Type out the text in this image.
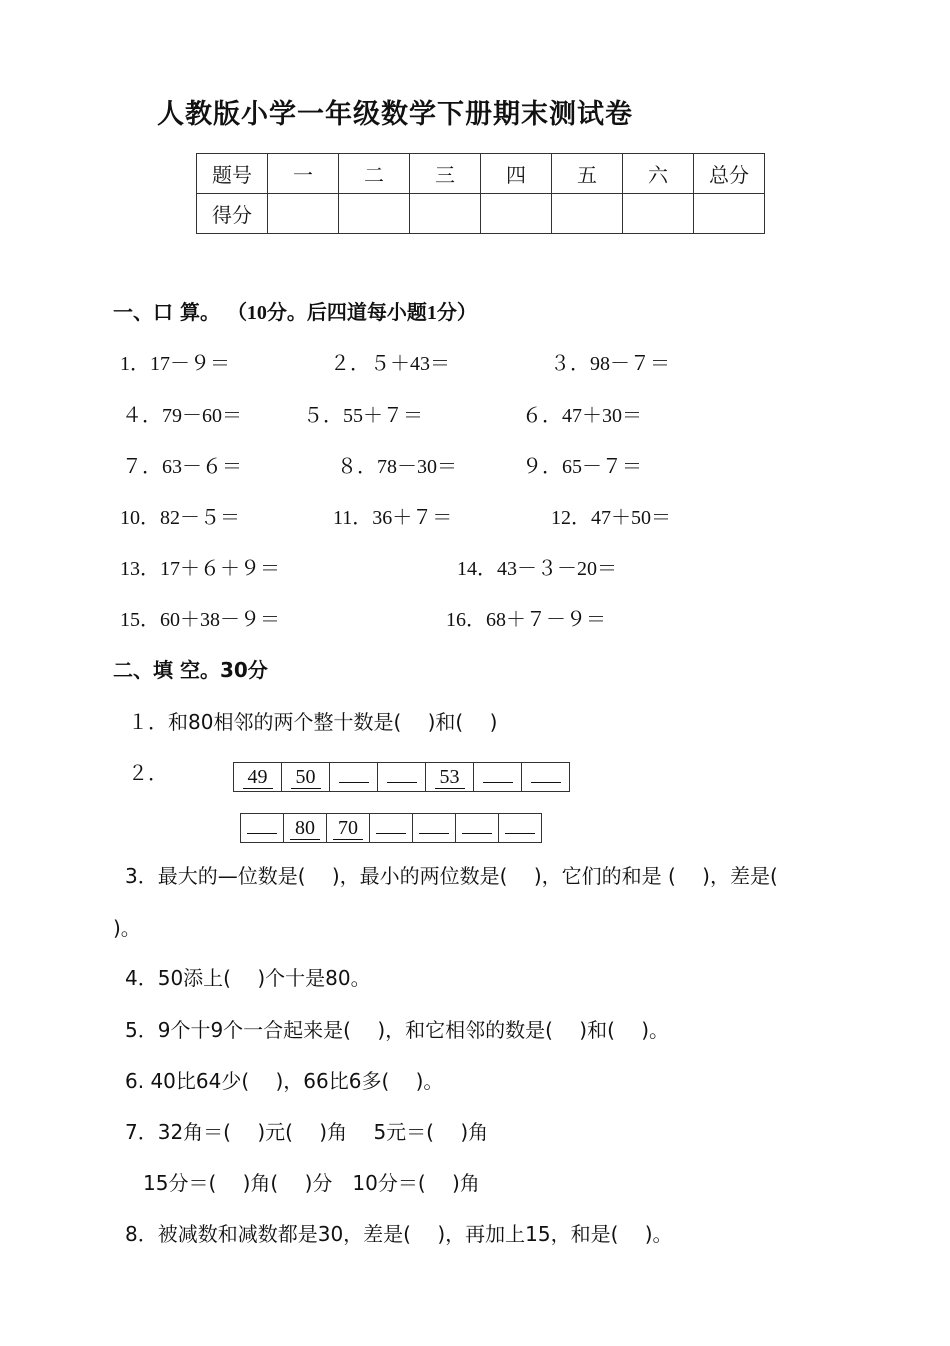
人教版小学一年级数学下册期末测试卷
题号	一	二	三	四	五	六	总分
得分							
一、口 算。 （10分。后四道每小题1分）
1．17－９＝	２．５＋43＝	３．98－７＝
４．79－60＝	５．55＋７＝	６．47＋30＝
７．63－６＝	８．78－30＝	９．65－７＝
10．82－５＝	11．36＋７＝	12．47＋50＝
13．17＋６＋９＝	14．43－３－20＝
15．60＋38－９＝	16．68＋７－９＝
二、填 空。30分
１．和80相邻的两个整十数是(　 )和(　 )
２．	49	50			53		
	80	70				
3．最大的—位数是(　 )，最小的两位数是(　 )，它们的和是 (　 )，差是(
)。
4．50添上(　 )个十是80。
5．9个十9个一合起来是(　 )，和它相邻的数是(　 )和(　 )。
6. 40比64少(　 )，66比6多(　 )。
7．32角＝(　 )元(　 )角　 5元＝(　 )角
15分＝(　 )角(　 )分　10分＝(　 )角
8．被减数和减数都是30，差是(　 )，再加上15，和是(　 )。
